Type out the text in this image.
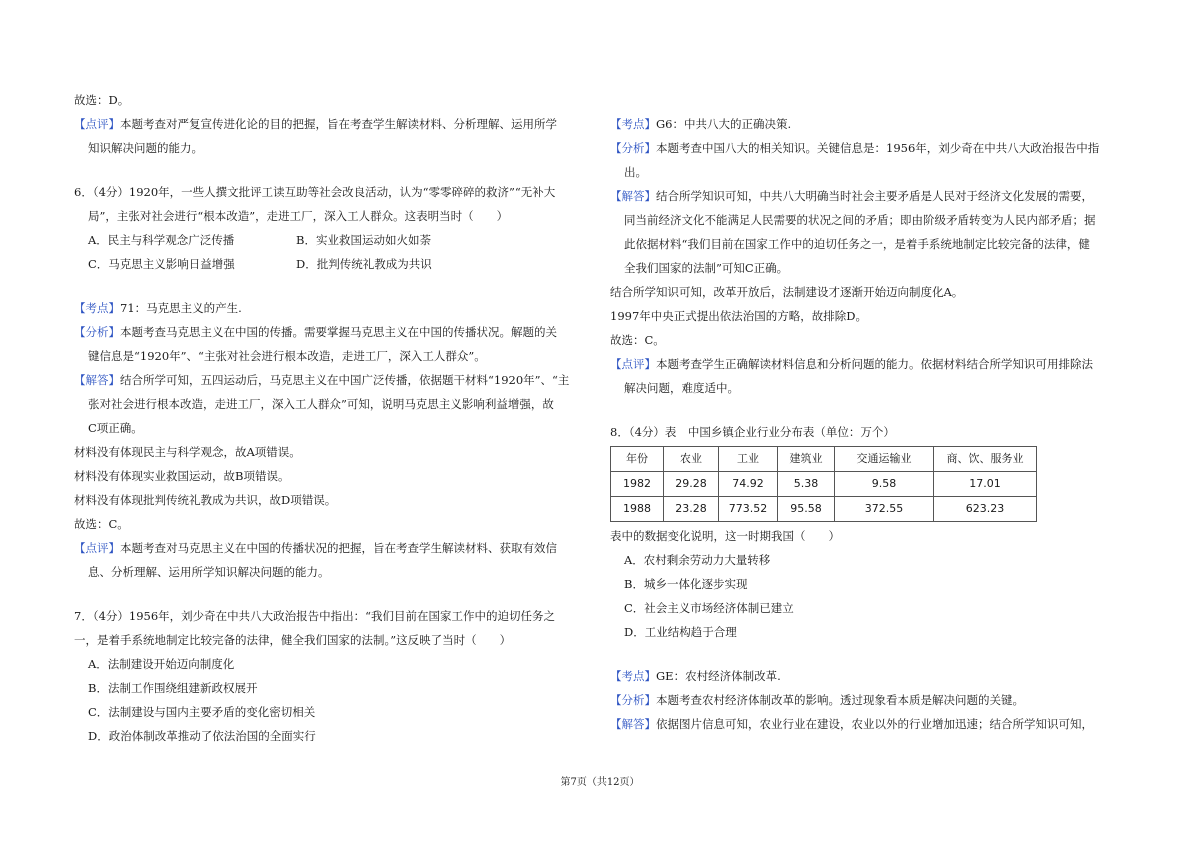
故选：D。
【点评】本题考查对严复宣传进化论的目的把握，旨在考查学生解读材料、分析理解、运用所学
知识解决问题的能力。
6．（4分）1920年，一些人撰文批评工读互助等社会改良活动，认为“零零碎碎的救济”“无补大
局”，主张对社会进行“根本改造”，走进工厂，深入工人群众。这表明当时（　　）
A．民主与科学观念广泛传播	B．实业救国运动如火如荼
C．马克思主义影响日益增强	D．批判传统礼教成为共识
【考点】71：马克思主义的产生.
【分析】本题考查马克思主义在中国的传播。需要掌握马克思主义在中国的传播状况。解题的关
键信息是“1920年”、“主张对社会进行根本改造，走进工厂，深入工人群众”。
【解答】结合所学可知，五四运动后，马克思主义在中国广泛传播，依据题干材料“1920年”、“主
张对社会进行根本改造，走进工厂，深入工人群众”可知，说明马克思主义影响利益增强，故
C项正确。
材料没有体现民主与科学观念，故A项错误。
材料没有体现实业救国运动，故B项错误。
材料没有体现批判传统礼教成为共识，故D项错误。
故选：C。
【点评】本题考查对马克思主义在中国的传播状况的把握，旨在考查学生解读材料、获取有效信
息、分析理解、运用所学知识解决问题的能力。
7．（4分）1956年，刘少奇在中共八大政治报告中指出：“我们目前在国家工作中的迫切任务之
一，是着手系统地制定比较完备的法律，健全我们国家的法制。”这反映了当时（　　）
A．法制建设开始迈向制度化
B．法制工作围绕组建新政权展开
C．法制建设与国内主要矛盾的变化密切相关
D．政治体制改革推动了依法治国的全面实行
【考点】G6：中共八大的正确决策.
【分析】本题考查中国八大的相关知识。关键信息是：1956年，刘少奇在中共八大政治报告中指
出。
【解答】结合所学知识可知，中共八大明确当时社会主要矛盾是人民对于经济文化发展的需要，
同当前经济文化不能满足人民需要的状况之间的矛盾；即由阶级矛盾转变为人民内部矛盾；据
此依据材料“我们目前在国家工作中的迫切任务之一，是着手系统地制定比较完备的法律，健
全我们国家的法制”可知C正确。
结合所学知识可知，改革开放后，法制建设才逐渐开始迈向制度化A。
1997年中央正式提出依法治国的方略，故排除D。
故选：C。
【点评】本题考查学生正确解读材料信息和分析问题的能力。依据材料结合所学知识可用排除法
解决问题，难度适中。
8．（4分）表　中国乡镇企业行业分布表（单位：万个）
年份	农业	工业	建筑业	交通运输业	商、饮、服务业
1982	29.28	74.92	5.38	9.58	17.01
1988	23.28	773.52	95.58	372.55	623.23
表中的数据变化说明，这一时期我国（　　）
A．农村剩余劳动力大量转移
B．城乡一体化逐步实现
C．社会主义市场经济体制已建立
D．工业结构趋于合理
【考点】GE：农村经济体制改革.
【分析】本题考查农村经济体制改革的影响。透过现象看本质是解决问题的关键。
【解答】依据图片信息可知，农业行业在建设，农业以外的行业增加迅速；结合所学知识可知，
第7页（共12页）
